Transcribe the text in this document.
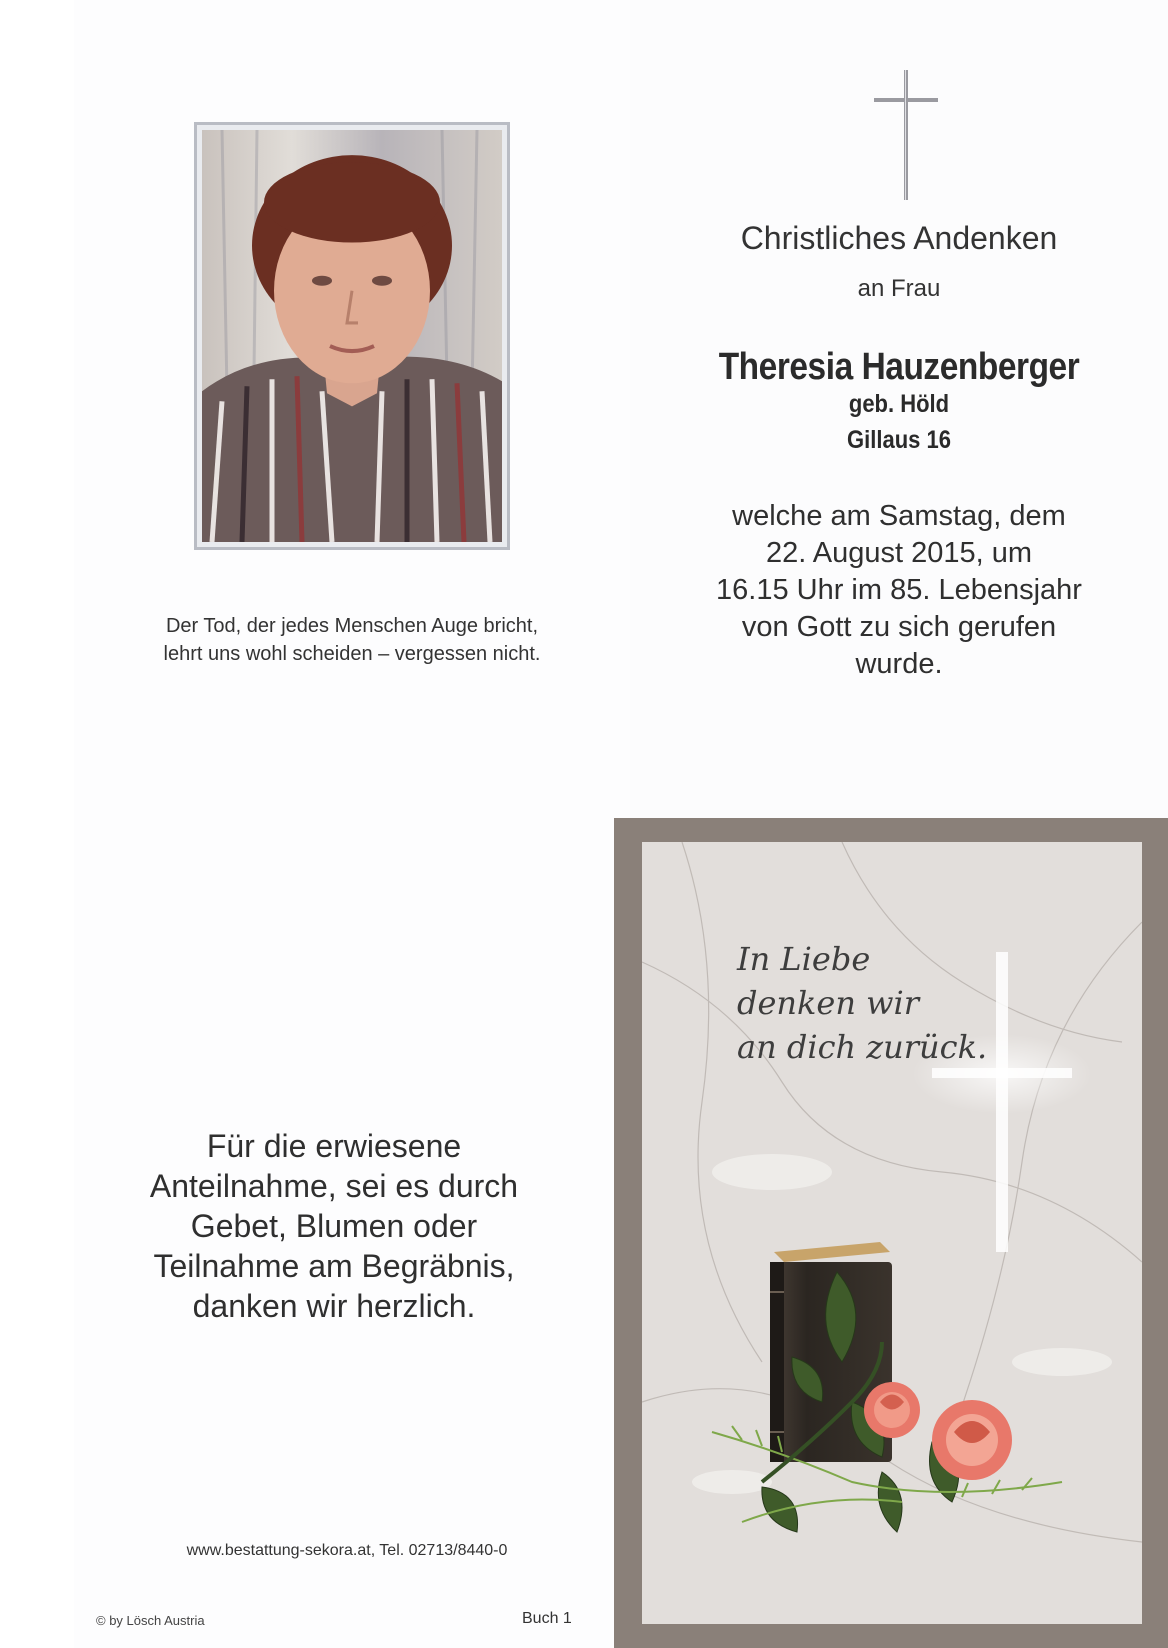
Der Tod, der jedes Menschen Auge bricht,
lehrt uns wohl scheiden – vergessen nicht.
Christliches Andenken
an Frau
Theresia Hauzenberger
geb. Höld
Gillaus 16
welche am Samstag, dem
22. August 2015, um
16.15 Uhr im 85. Lebensjahr
von Gott zu sich gerufen
wurde.
Für die erwiesene
Anteilnahme, sei es durch
Gebet, Blumen oder
Teilnahme am Begräbnis,
danken wir herzlich.
www.bestattung-sekora.at, Tel. 02713/8440-0
© by Lösch Austria	Buch 1
In Liebe
denken wir
an dich zurück.
